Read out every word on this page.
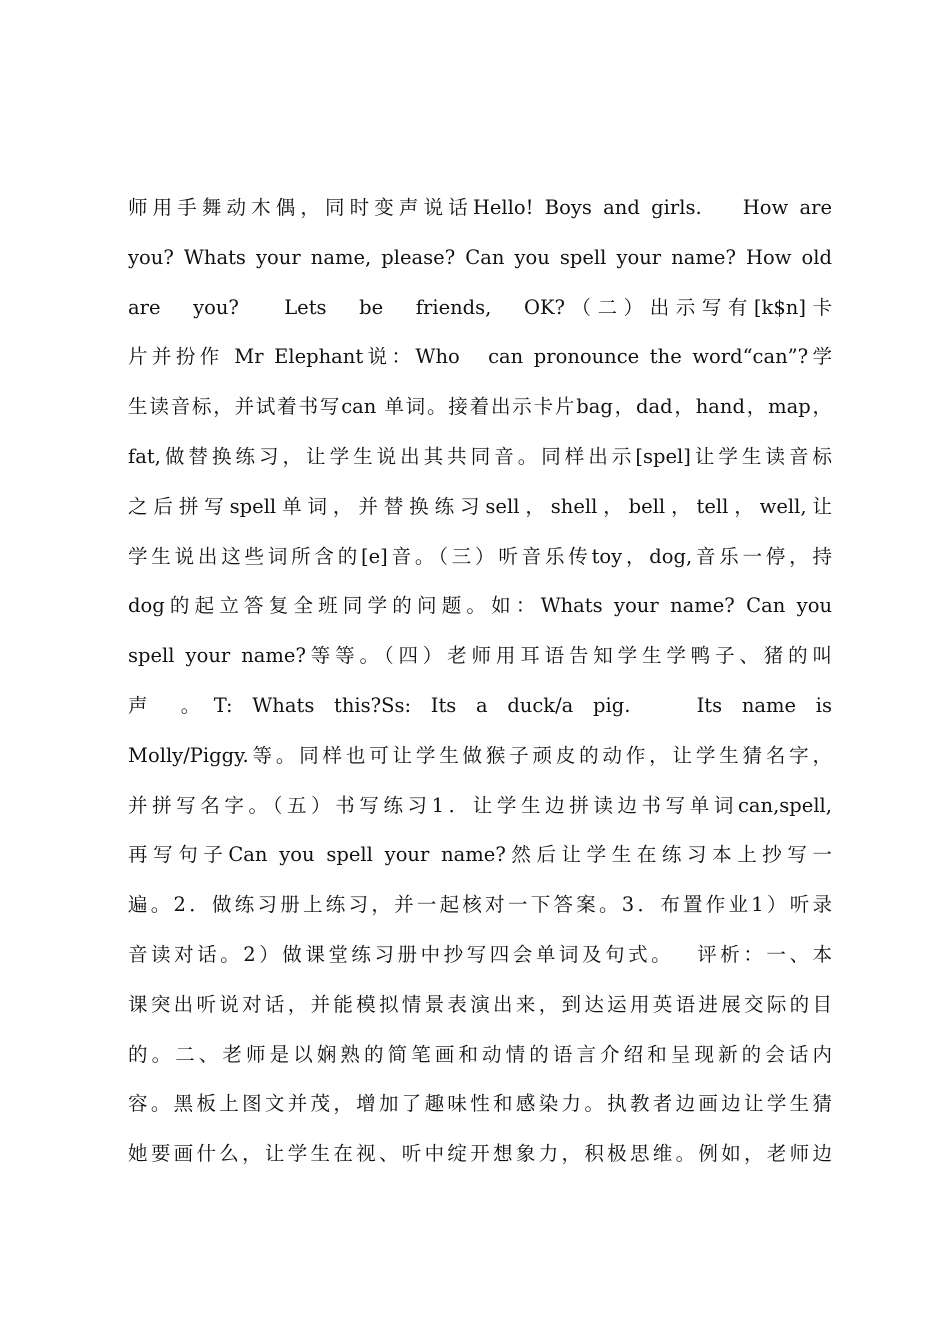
师用手舞动木偶，同时变声说话Hello! Boys and girls.　 How are
you? Whats your name, please? Can you spell your name? How old
are　you?　 Lets　be　friends,　OK?（二）出示写有[k$n]卡
片并扮作 Mr Elephant说：Who　can pronounce the word“can”?学
生读音标，并试着书写can 单词。接着出示卡片bag，dad，hand，map，
fat,做替换练习，让学生说出其共同音。同样出示[spel]让学生读音标
之后拼写spell单词，并替换练习sell，shell，bell，tell，well,让
学生说出这些词所含的[e]音。（三）听音乐传toy，dog,音乐一停，持
dog的起立答复全班同学的问题。如：Whats your name? Can you
spell your name?等等。（四）老师用耳语告知学生学鸭子、猪的叫
声 。T: Whats this?Ss: Its a duck/a pig.　 Its name is
Molly/Piggy.等。同样也可让学生做猴子顽皮的动作，让学生猜名字，
并拼写名字。（五）书写练习1．让学生边拼读边书写单词can,spell,
再写句子Can you spell your name?然后让学生在练习本上抄写一
遍。2．做练习册上练习，并一起核对一下答案。3．布置作业1）听录
音读对话。2）做课堂练习册中抄写四会单词及句式。　 评析：一、本
课突出听说对话，并能模拟情景表演出来，到达运用英语进展交际的目
的。二、老师是以娴熟的简笔画和动情的语言介绍和呈现新的会话内
容。黑板上图文并茂，增加了趣味性和感染力。执教者边画边让学生猜
她要画什么，让学生在视、听中绽开想象力，积极思维。例如，老师边
